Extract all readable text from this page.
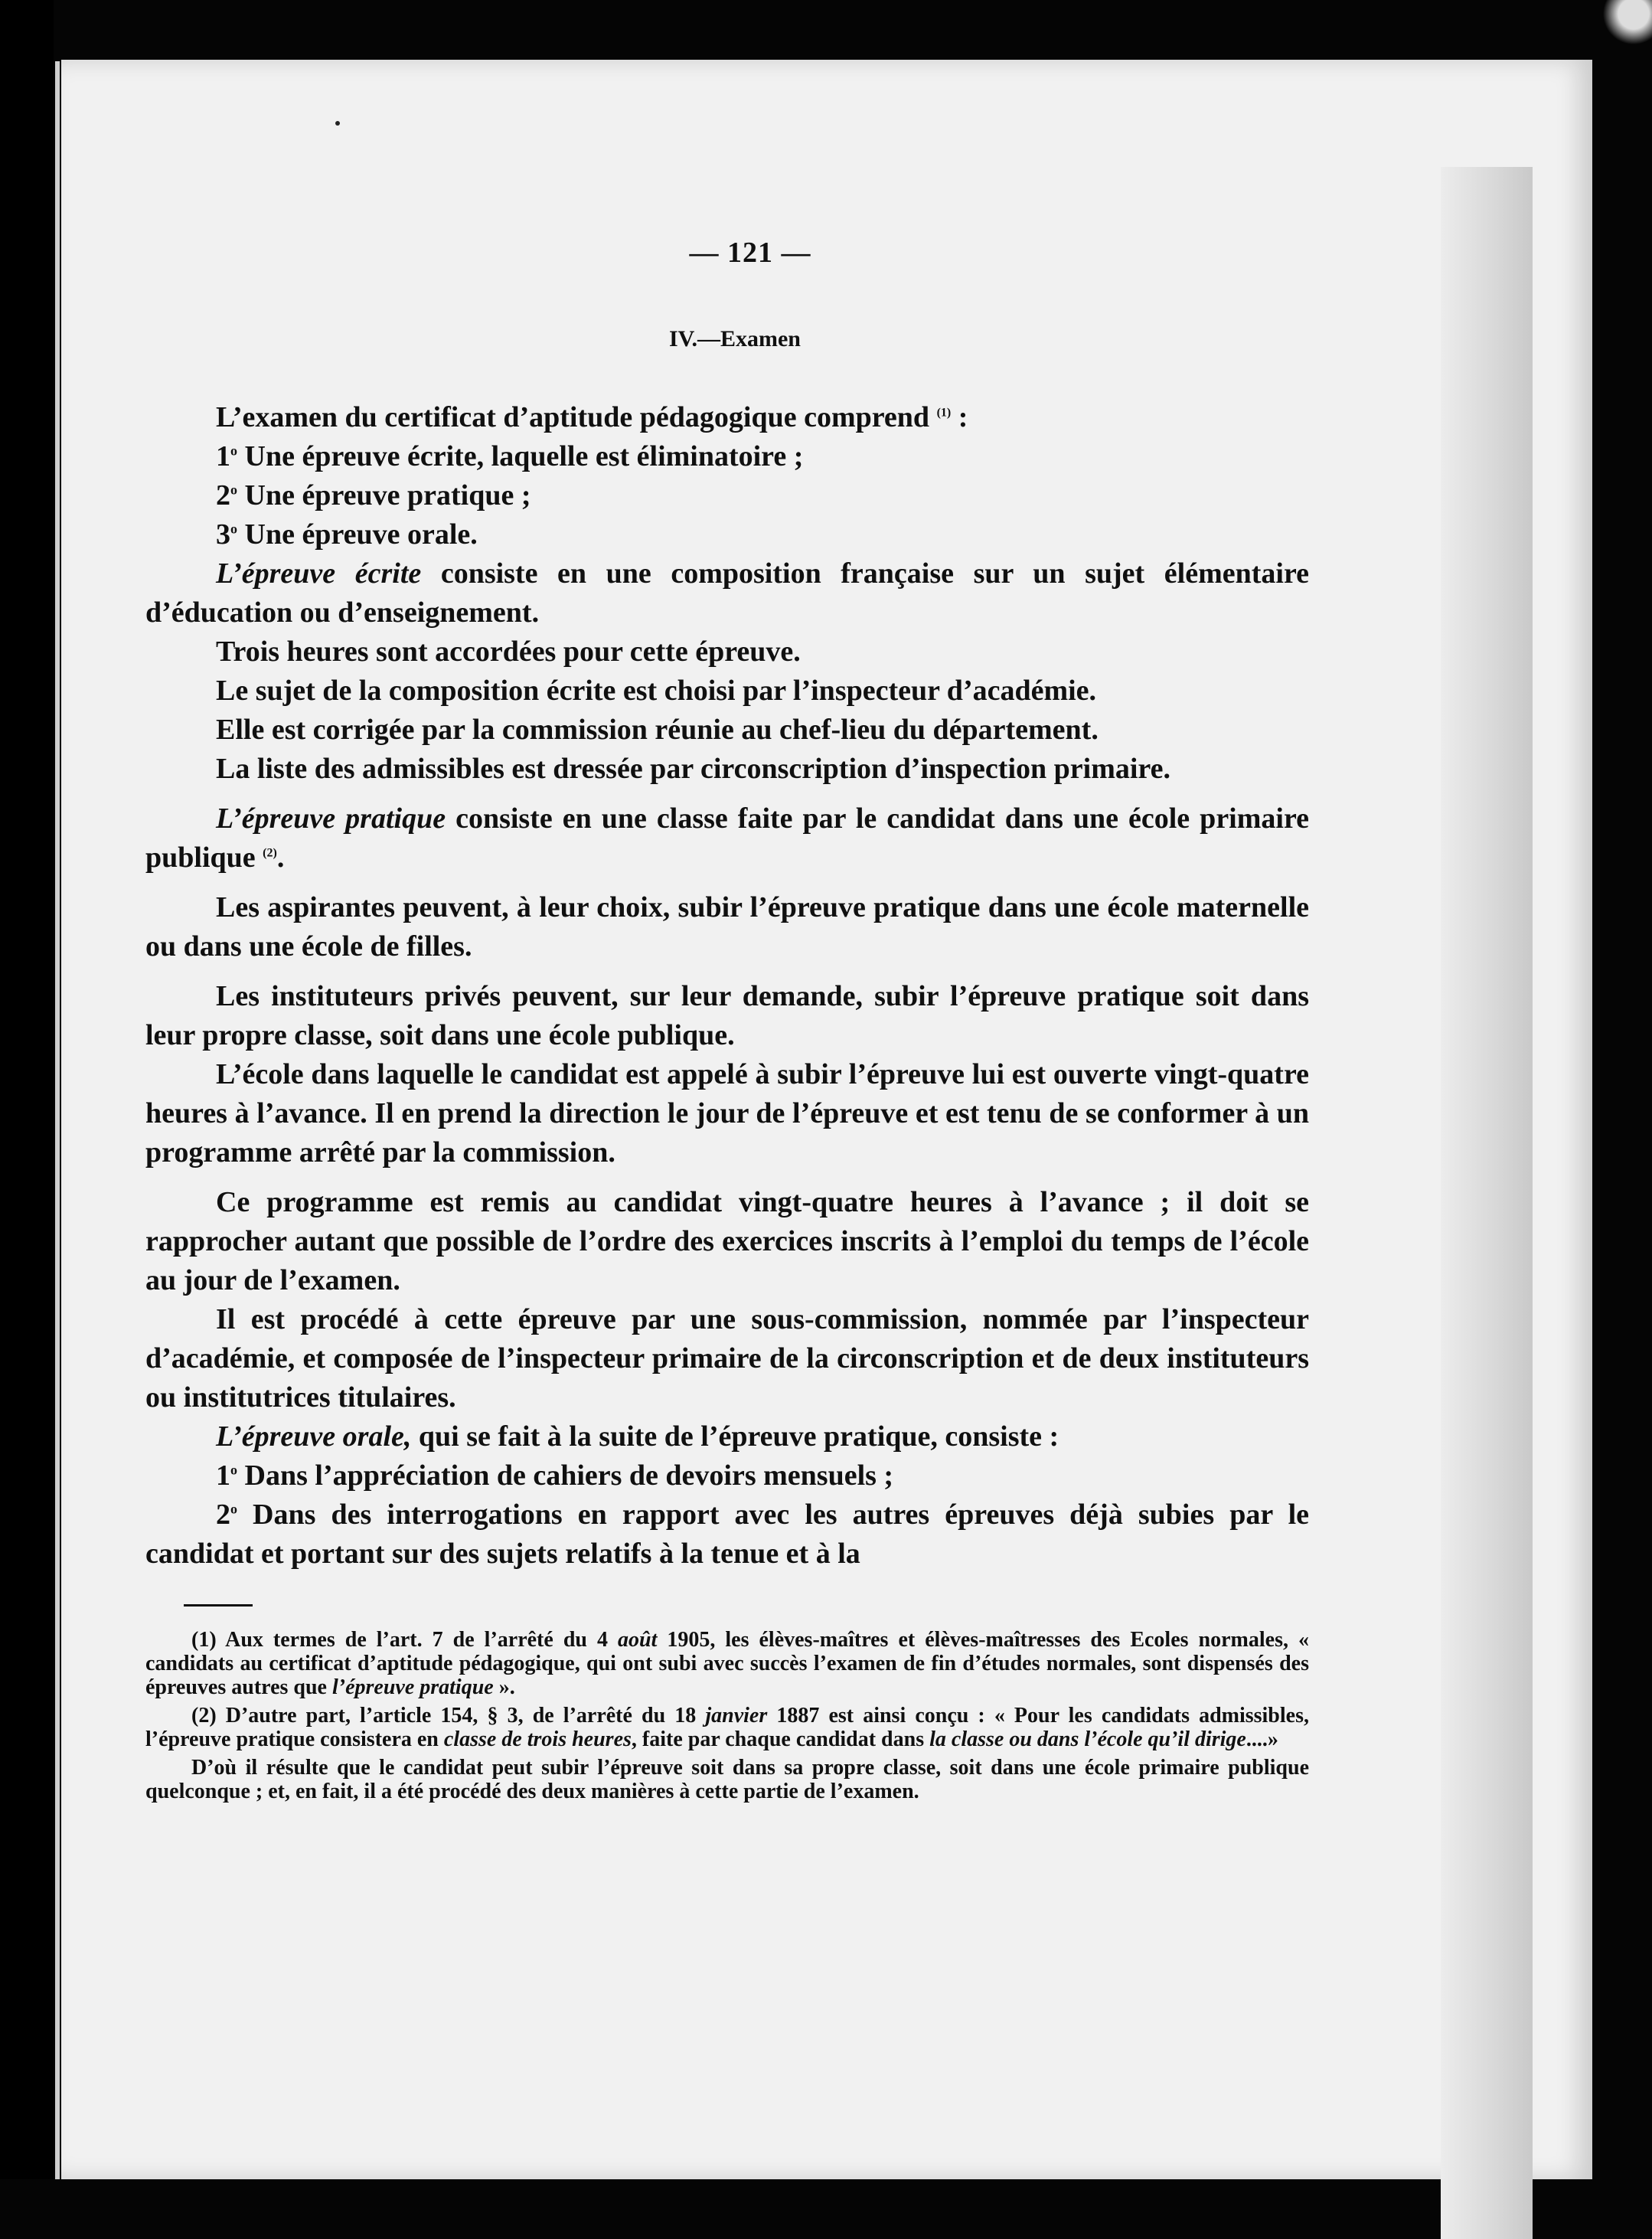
— 121 —
IV.—Examen

L’examen du certificat d’aptitude pédagogique comprend $^{(1)}$ :

1$^o$ Une épreuve écrite, laquelle est éliminatoire ;

2$^o$ Une épreuve pratique ;

3$^o$ Une épreuve orale.

L’épreuve écrite consiste en une composition française sur un sujet élémentaire d’éducation ou d’enseignement.

Trois heures sont accordées pour cette épreuve.

Le sujet de la composition écrite est choisi par l’inspecteur d’académie.

Elle est corrigée par la commission réunie au chef-lieu du département.

La liste des admissibles est dressée par circonscription d’inspection primaire.

L’épreuve pratique consiste en une classe faite par le candidat dans une école primaire publique $^{(2)}$.

Les aspirantes peuvent, à leur choix, subir l’épreuve pratique dans une école maternelle ou dans une école de filles.

Les instituteurs privés peuvent, sur leur demande, subir l’épreuve pratique soit dans leur propre classe, soit dans une école publique.

L’école dans laquelle le candidat est appelé à subir l’épreuve lui est ouverte vingt-quatre heures à l’avance. Il en prend la direction le jour de l’épreuve et est tenu de se conformer à un programme arrêté par la commission.

Ce programme est remis au candidat vingt-quatre heures à l’avance ; il doit se rapprocher autant que possible de l’ordre des exercices inscrits à l’emploi du temps de l’école au jour de l’examen.

Il est procédé à cette épreuve par une sous-commission, nommée par l’inspecteur d’académie, et composée de l’inspecteur primaire de la circonscription et de deux instituteurs ou institutrices titulaires.

L’épreuve orale, qui se fait à la suite de l’épreuve pratique, consiste :

1$^o$ Dans l’appréciation de cahiers de devoirs mensuels ;

2$^o$ Dans des interrogations en rapport avec les autres épreuves déjà subies par le candidat et portant sur des sujets relatifs à la tenue et à la

(1) Aux termes de l’art. 7 de l’arrêté du 4 août 1905, les élèves-maîtres et élèves-maîtresses des Ecoles normales, « candidats au certificat d’aptitude pédagogique, qui ont subi avec succès l’examen de fin d’études normales, sont dispensés des épreuves autres que l’épreuve pratique ».

(2) D’autre part, l’article 154, § 3, de l’arrêté du 18 janvier 1887 est ainsi conçu : « Pour les candidats admissibles, l’épreuve pratique consistera en classe de trois heures, faite par chaque candidat dans la classe ou dans l’école qu’il dirige....»

D’où il résulte que le candidat peut subir l’épreuve soit dans sa propre classe, soit dans une école primaire publique quelconque ; et, en fait, il a été procédé des deux manières à cette partie de l’examen.
